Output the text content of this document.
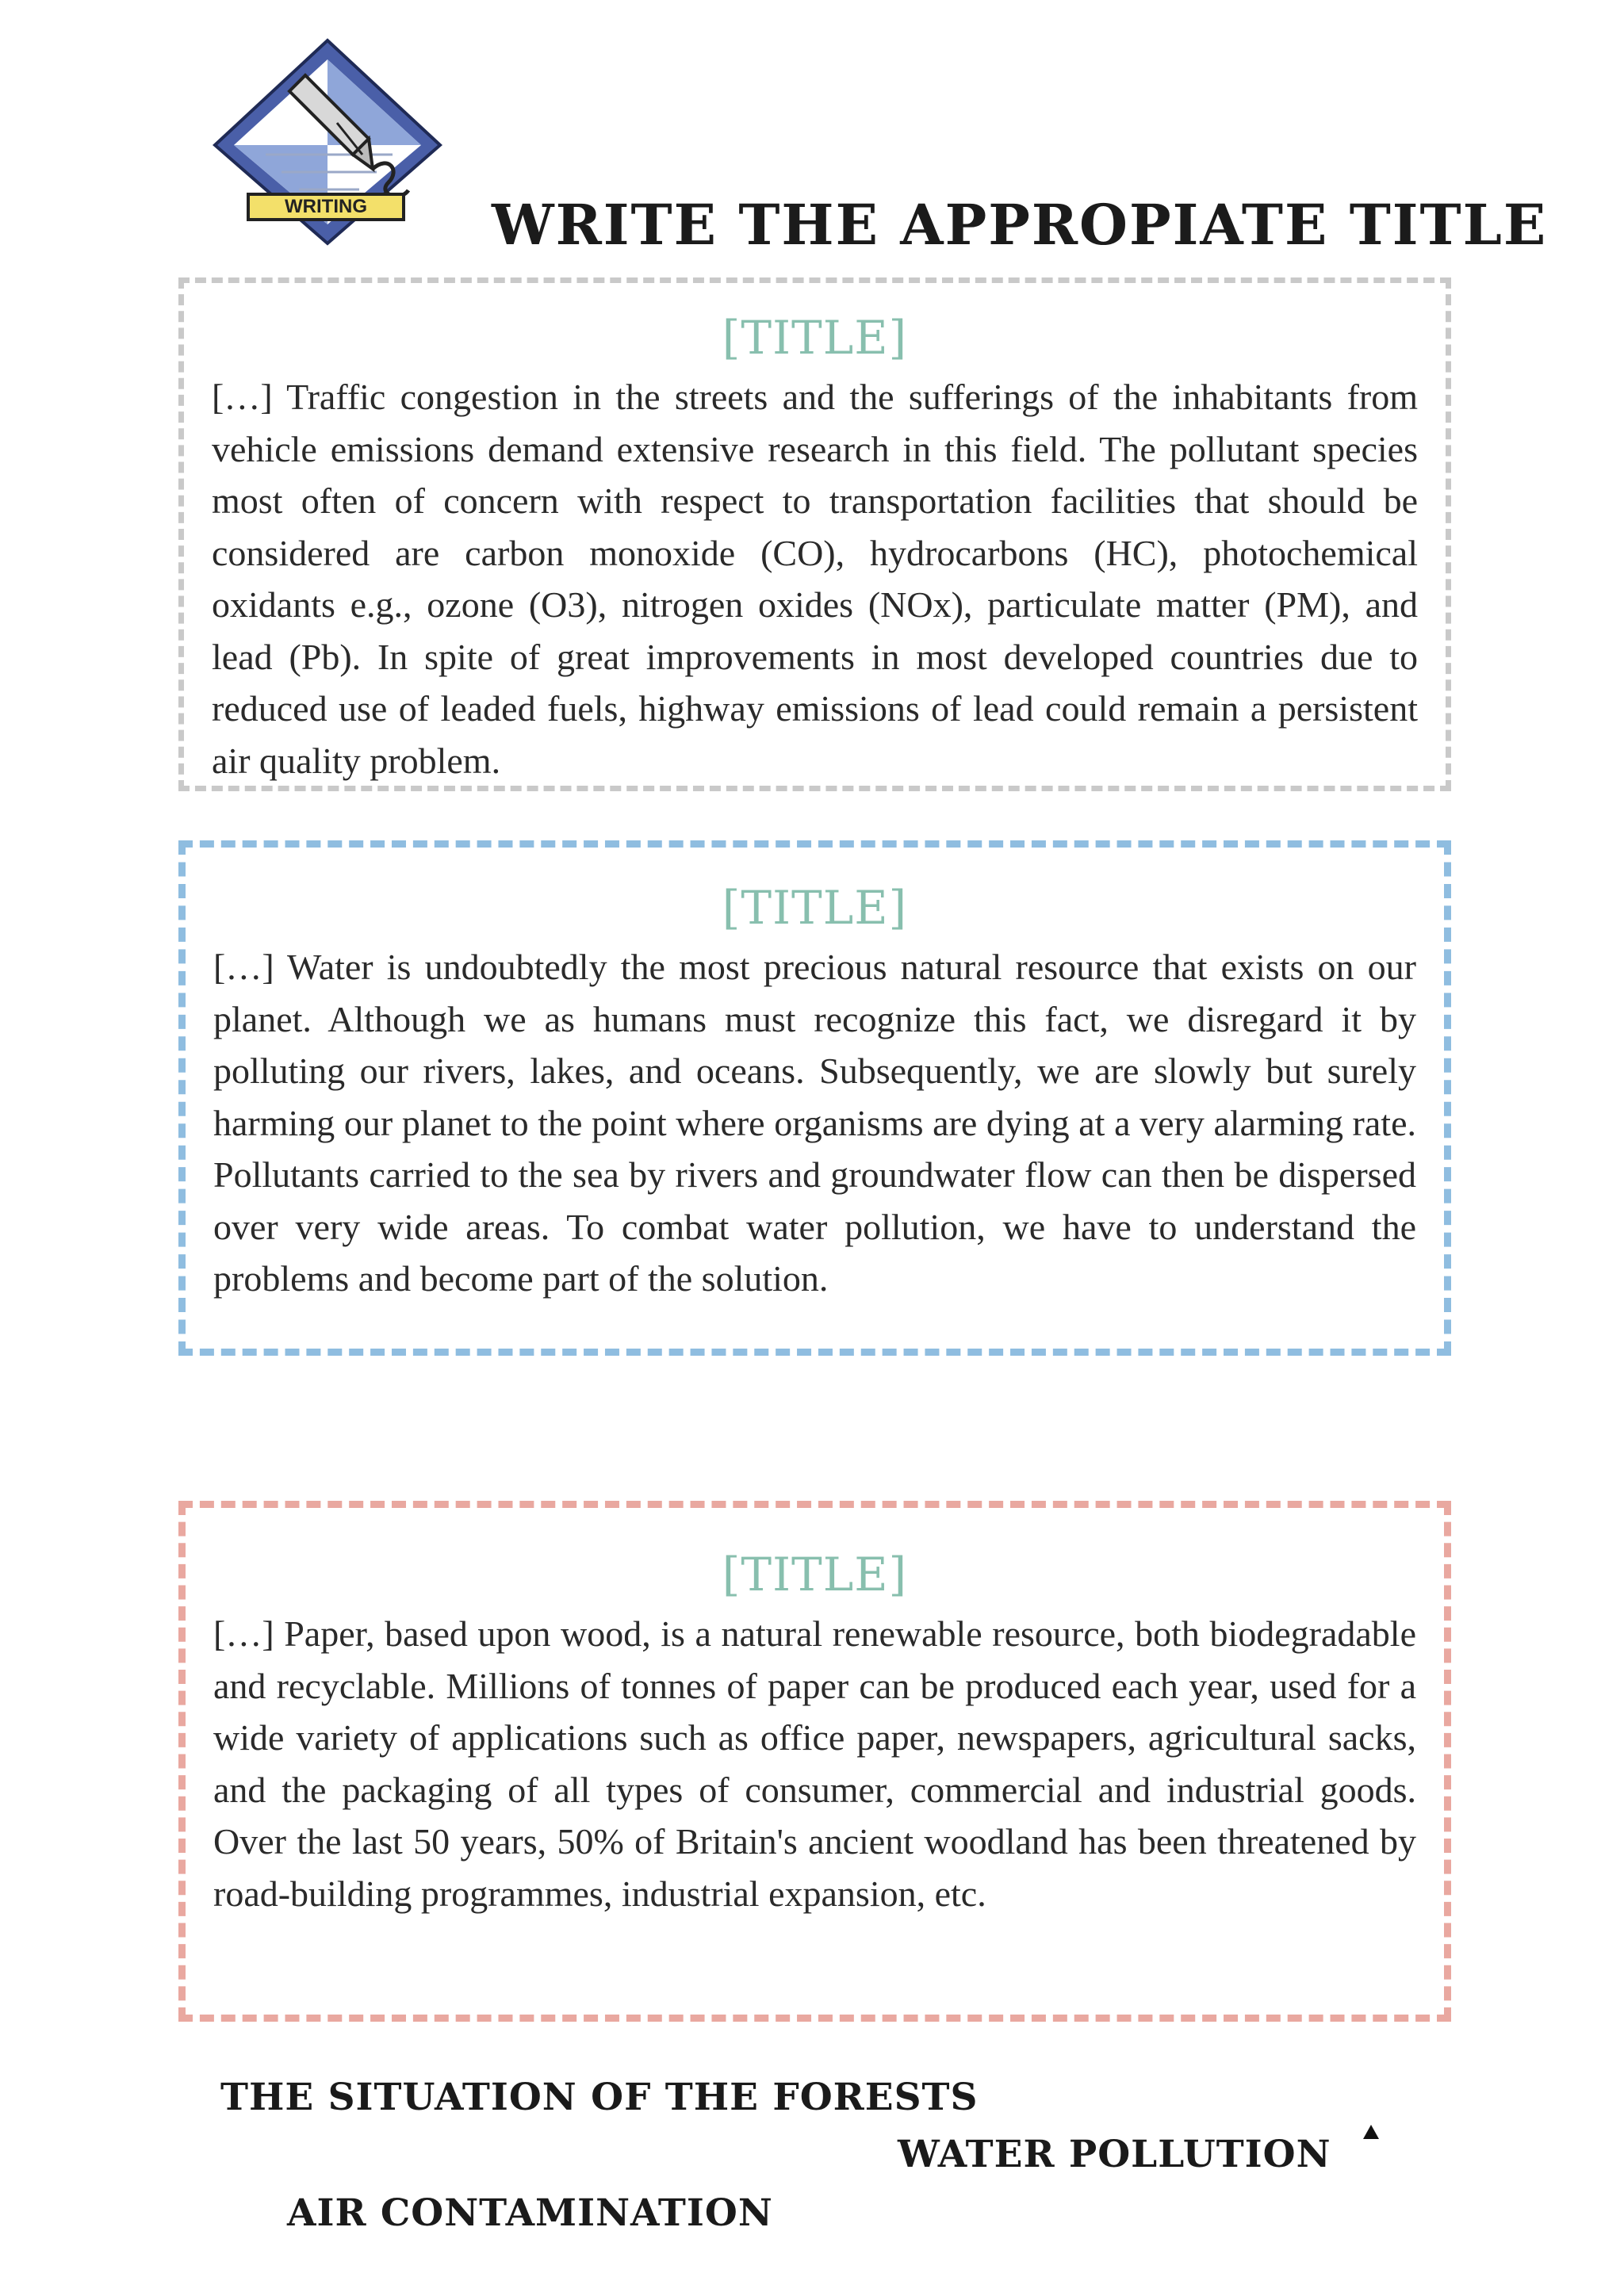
WRITING	WRITE THE APPROPIATE TITLE
[TITLE]
[…] Traffic congestion in the streets and the sufferings of the inhabitants from vehicle emissions demand extensive research in this field. The pollutant species most often of concern with respect to transportation facilities that should be considered are carbon monoxide (CO), hydrocarbons (HC), photochemical oxidants e.g., ozone (O3), nitrogen oxides (NOx), particulate matter (PM), and lead (Pb). In spite of great improvements in most developed countries due to reduced use of leaded fuels, highway emissions of lead could remain a persistent air quality problem.
[TITLE]
[…] Water is undoubtedly the most precious natural resource that exists on our planet. Although we as humans must recognize this fact, we disregard it by polluting our rivers, lakes, and oceans. Subsequently, we are slowly but surely harming our planet to the point where organisms are dying at a very alarming rate. Pollutants carried to the sea by rivers and groundwater flow can then be dispersed over very wide areas. To combat water pollution, we have to understand the problems and become part of the solution.
[TITLE]
[…] Paper, based upon wood, is a natural renewable resource, both biodegradable and recyclable. Millions of tonnes of paper can be produced each year, used for a wide variety of applications such as office paper, newspapers, agricultural sacks, and the packaging of all types of consumer, commercial and industrial goods. Over the last 50 years, 50% of Britain's ancient woodland has been threatened by road-building programmes, industrial expansion, etc.
THE SITUATION OF THE FORESTS
WATER POLLUTION
AIR CONTAMINATION
